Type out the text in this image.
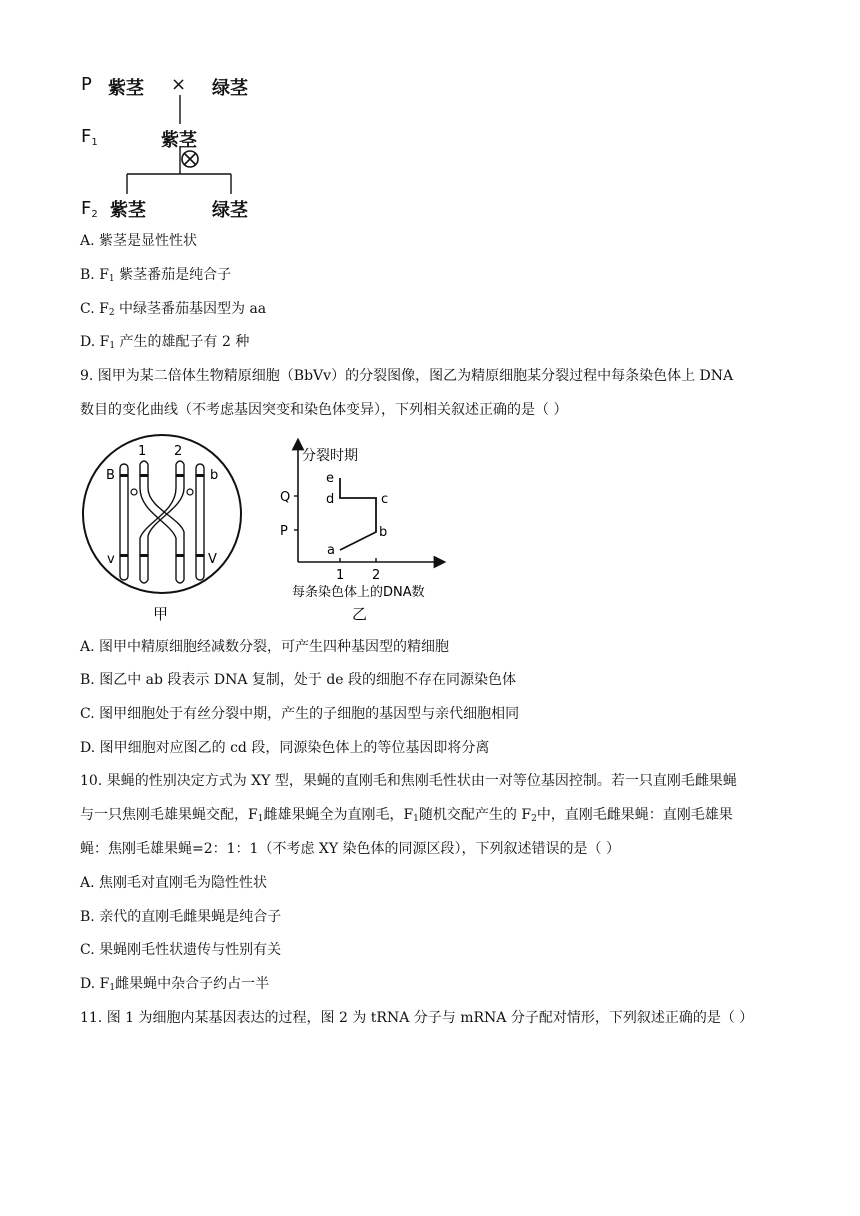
P 紫茎 × 绿茎
$F_1$	紫茎
$F_2$ 紫茎	绿茎
A. 紫茎是显性性状
B. F1 紫茎番茄是纯合子
C. F2 中绿茎番茄基因型为 aa
D. F1 产生的雄配子有 2 种
9. 图甲为某二倍体生物精原细胞（BbVv）的分裂图像，图乙为精原细胞某分裂过程中每条染色体上 DNA
数目的变化曲线（不考虑基因突变和染色体变异），下列相关叙述正确的是（ ）
1 2
B	b
v	V
甲
分裂时期
Q
P
1 2
e
d	c
b
a
每条染色体上的DNA数
乙
A. 图甲中精原细胞经减数分裂，可产生四种基因型的精细胞
B. 图乙中 ab 段表示 DNA 复制，处于 de 段的细胞不存在同源染色体
C. 图甲细胞处于有丝分裂中期，产生的子细胞的基因型与亲代细胞相同
D. 图甲细胞对应图乙的 cd 段，同源染色体上的等位基因即将分离
10. 果蝇的性别决定方式为 XY 型，果蝇的直刚毛和焦刚毛性状由一对等位基因控制。若一只直刚毛雌果蝇
与一只焦刚毛雄果蝇交配，F1雌雄果蝇全为直刚毛，F1随机交配产生的 F2中，直刚毛雌果蝇：直刚毛雄果
蝇：焦刚毛雄果蝇=2：1：1（不考虑 XY 染色体的同源区段），下列叙述错误的是（ ）
A. 焦刚毛对直刚毛为隐性性状
B. 亲代的直刚毛雌果蝇是纯合子
C. 果蝇刚毛性状遗传与性别有关
D. F1雌果蝇中杂合子约占一半
11. 图 1 为细胞内某基因表达的过程，图 2 为 tRNA 分子与 mRNA 分子配对情形，下列叙述正确的是（ ）
